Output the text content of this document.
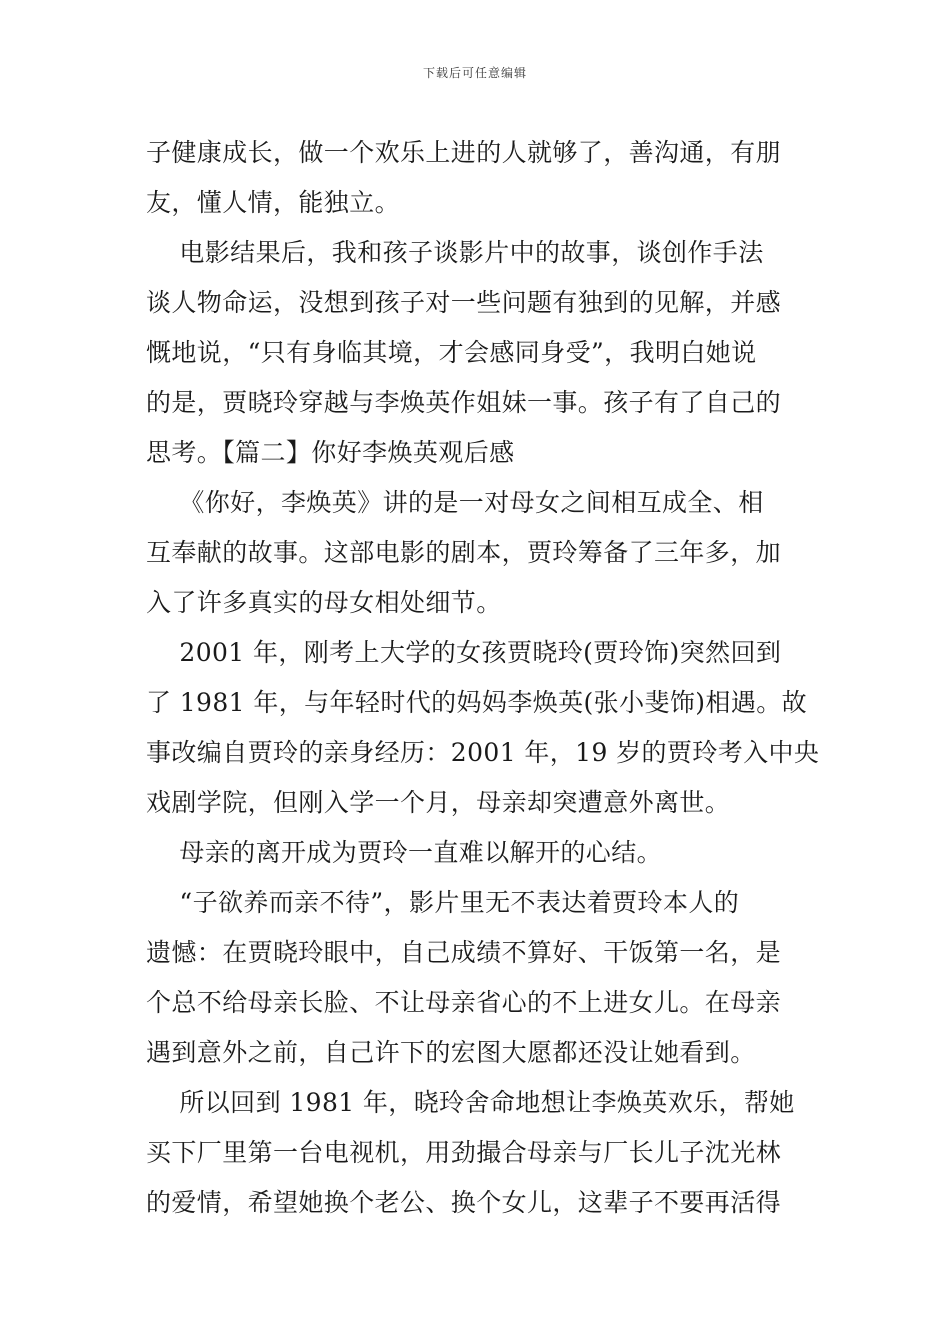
下载后可任意编辑
子健康成长，做一个欢乐上进的人就够了，善沟通，有朋
友，懂人情，能独立。
电影结果后，我和孩子谈影片中的故事，谈创作手法
谈人物命运，没想到孩子对一些问题有独到的见解，并感
慨地说，“只有身临其境，才会感同身受”，我明白她说
的是，贾晓玲穿越与李焕英作姐妹一事。孩子有了自己的
思考。【篇二】你好李焕英观后感
《你好，李焕英》讲的是一对母女之间相互成全、相
互奉献的故事。这部电影的剧本，贾玲筹备了三年多，加
入了许多真实的母女相处细节。
2001 年，刚考上大学的女孩贾晓玲(贾玲饰)突然回到
了 1981 年，与年轻时代的妈妈李焕英(张小斐饰)相遇。故
事改编自贾玲的亲身经历：2001 年，19 岁的贾玲考入中央
戏剧学院，但刚入学一个月，母亲却突遭意外离世。
母亲的离开成为贾玲一直难以解开的心结。
“子欲养而亲不待”，影片里无不表达着贾玲本人的
遗憾：在贾晓玲眼中，自己成绩不算好、干饭第一名，是
个总不给母亲长脸、不让母亲省心的不上进女儿。在母亲
遇到意外之前，自己许下的宏图大愿都还没让她看到。
所以回到 1981 年，晓玲舍命地想让李焕英欢乐，帮她
买下厂里第一台电视机，用劲撮合母亲与厂长儿子沈光林
的爱情，希望她换个老公、换个女儿，这辈子不要再活得
